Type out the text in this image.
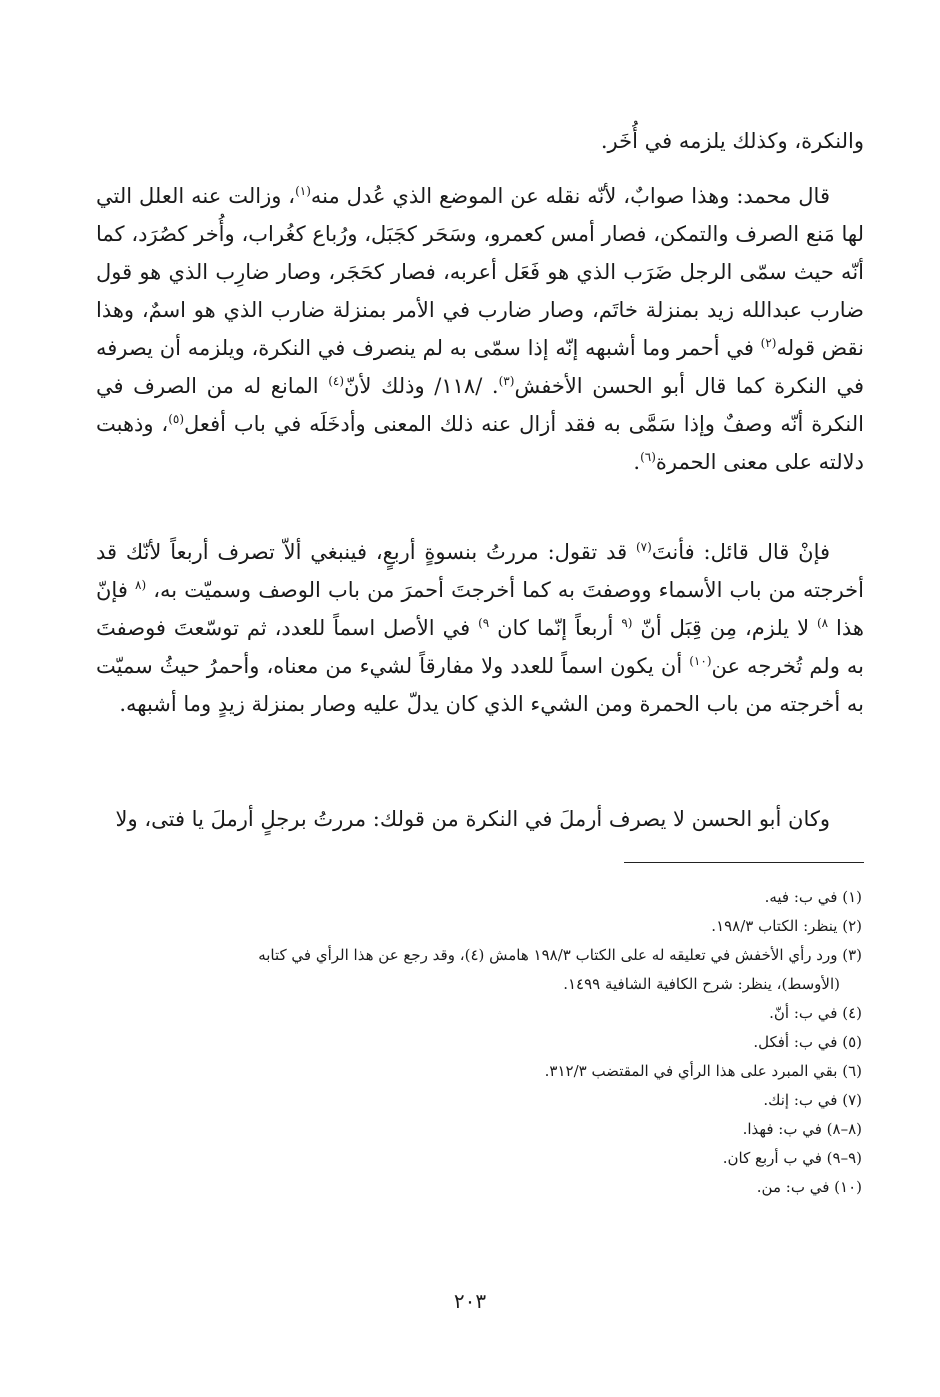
والنكرة، وكذلك يلزمه في أُخَر.

قال محمد: وهذا صوابٌ، لأنّه نقله عن الموضع الذي عُدل منه$^{(١)}$، وزالت عنه العلل التي لها مَنع الصرف والتمكن، فصار أمس كعمرو، وسَحَر كجَبَل، ورُباع كغُراب، وأُخر كصُرَد، كما أنّه حيث سمّى الرجل ضَرَب الذي هو فَعَل أعربه، فصار كحَجَر، وصار ضارِب الذي هو قول ضارب عبدالله زيد بمنزلة خاتَم، وصار ضارب في الأمر بمنزلة ضارب الذي هو اسمٌ، وهذا نقض قوله$^{(٢)}$ في أحمر وما أشبهه إنّه إذا سمّى به لم ينصرف في النكرة، ويلزمه أن يصرفه في النكرة كما قال أبو الحسن الأخفش$^{(٣)}$. /١١٨/ وذلك لأنّ$^{(٤)}$ المانع له من الصرف في النكرة أنّه وصفٌ وإذا سَمَّى به فقد أزال عنه ذلك المعنى وأدخَلَه في باب أفعل$^{(٥)}$، وذهبت دلالته على معنى الحمرة$^{(٦)}$.

فإنْ قال قائل: فأنتَ$^{(٧)}$ قد تقول: مررتُ بنسوةٍ أربعٍ، فينبغي ألاّ تصرف أربعاً لأنّك قد أخرجته من باب الأسماء ووصفتَ به كما أخرجتَ أحمرَ من باب الوصف وسميّت به، $^{(٨}$ فإنّ هذا $^{٨)}$ لا يلزم، مِن قِبَل أنّ $^{(٩}$ أربعاً إنّما كان $^{٩)}$ في الأصل اسماً للعدد، ثم توسّعتَ فوصفتَ به ولم تُخرجه عن$^{(١٠)}$ أن يكون اسماً للعدد ولا مفارقاً لشيء من معناه، وأحمرُ حيثُ سميّت به أخرجته من باب الحمرة ومن الشيء الذي كان يدلّ عليه وصار بمنزلة زيدٍ وما أشبهه.

وكان أبو الحسن لا يصرف أرملَ في النكرة من قولك: مررتُ برجلٍ أرملَ يا فتى، ولا

(١) في ب: فيه.

(٢) ينظر: الكتاب ١٩٨/٣.

(٣) ورد رأي الأخفش في تعليقه له على الكتاب ١٩٨/٣ هامش (٤)، وقد رجع عن هذا الرأي في كتابه

(الأوسط)، ينظر: شرح الكافية الشافية ١٤٩٩.

(٤) في ب: أنّ.

(٥) في ب: أفكل.

(٦) بقي المبرد على هذا الرأي في المقتضب ٣١٢/٣.

(٧) في ب: إنك.

(٨–٨) في ب: فهذا.

(٩–٩) في ب أربع كان.

(١٠) في ب: من.

٢٠٣
